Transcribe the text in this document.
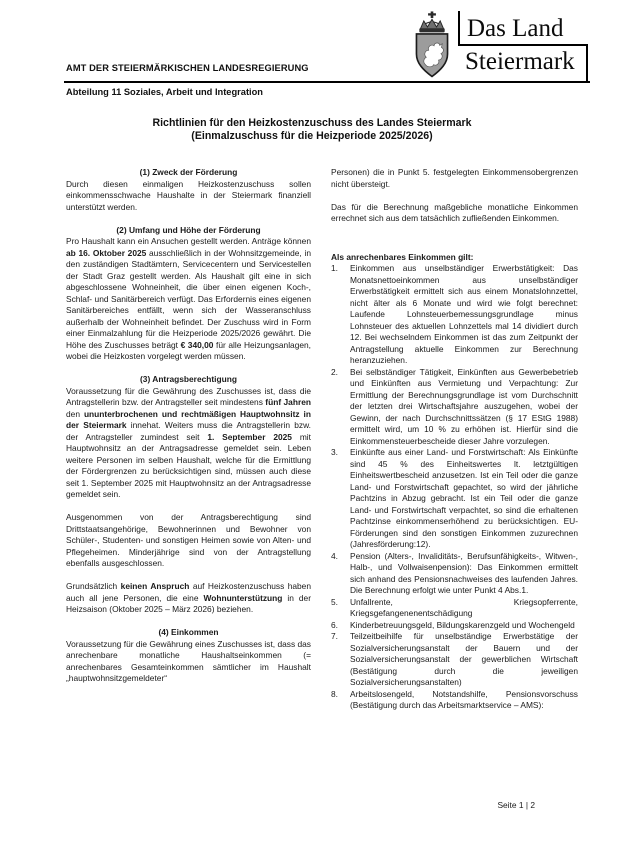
AMT DER STEIERMÄRKISCHEN LANDESREGIERUNG
Abteilung 11 Soziales, Arbeit und Integration
Das Land
Steiermark
Richtlinien für den Heizkostenzuschuss des Landes Steiermark
(Einmalzuschuss für die Heizperiode 2025/2026)
(1) Zweck der Förderung

Durch diesen einmaligen Heizkostenzuschuss sollen einkommensschwache Haushalte in der Steiermark finanziell unterstützt werden.

(2) Umfang und Höhe der Förderung

Pro Haushalt kann ein Ansuchen gestellt werden. Anträge können ab 16. Oktober 2025 ausschließlich in der Wohnsitzgemeinde, in den zuständigen Stadtämtern, Servicecentern und Servicestellen der Stadt Graz gestellt werden. Als Haushalt gilt eine in sich abgeschlossene Wohneinheit, die über einen eigenen Koch-, Schlaf- und Sanitärbereich verfügt. Das Erfordernis eines eigenen Sanitärbereiches entfällt, wenn sich der Wasseranschluss außerhalb der Wohneinheit befindet. Der Zuschuss wird in Form einer Einmalzahlung für die Heizperiode 2025/2026 gewährt. Die Höhe des Zuschusses beträgt € 340,00 für alle Heizungsanlagen, wobei die Heizkosten vorgelegt werden müssen.

(3) Antragsberechtigung

Voraussetzung für die Gewährung des Zuschusses ist, dass die Antragstellerin bzw. der Antragsteller seit mindestens fünf Jahren den ununterbrochenen und rechtmäßigen Hauptwohnsitz in der Steiermark innehat. Weiters muss die Antragstellerin bzw. der Antragsteller zumindest seit 1. September 2025 mit Hauptwohnsitz an der Antragsadresse gemeldet sein. Leben weitere Personen im selben Haushalt, welche für die Ermittlung der Fördergrenzen zu berücksichtigen sind, müssen auch diese seit 1. September 2025 mit Hauptwohnsitz an der Antragsadresse gemeldet sein.

Ausgenommen von der Antragsberechtigung sind Drittstaatsangehörige, Bewohnerinnen und Bewohner von Schüler-, Studenten- und sonstigen Heimen sowie von Alten- und Pflegeheimen. Minderjährige sind von der Antragstellung ebenfalls ausgeschlossen.

Grundsätzlich keinen Anspruch auf Heizkostenzuschuss haben auch all jene Personen, die eine Wohnunterstützung in der Heizsaison (Oktober 2025 – März 2026) beziehen.

(4) Einkommen

Voraussetzung für die Gewährung eines Zuschusses ist, dass das anrechenbare monatliche Haushaltseinkommen (= anrechenbares Gesamteinkommen sämtlicher im Haushalt „hauptwohnsitzgemeldeter“

Personen) die in Punkt 5. festgelegten Einkommensobergrenzen nicht übersteigt.

Das für die Berechnung maßgebliche monatliche Einkommen errechnet sich aus dem tatsächlich zufließenden Einkommen.

Als anrechenbares Einkommen gilt:
1.	Einkommen aus unselbständiger Erwerbstätigkeit: Das Monatsnettoeinkommen aus unselbständiger Erwerbstätigkeit ermittelt sich aus einem Monatslohnzettel, nicht älter als 6 Monate und wird wie folgt berechnet: Laufende Lohnsteuerbemessungsgrundlage minus Lohnsteuer des aktuellen Lohnzettels mal 14 dividiert durch 12. Bei wechselndem Einkommen ist das zum Zeitpunkt der Antragstellung aktuelle Einkommen zur Berechnung heranzuziehen.
2.	Bei selbständiger Tätigkeit, Einkünften aus Gewerbebetrieb und Einkünften aus Vermietung und Verpachtung: Zur Ermittlung der Berechnungsgrundlage ist vom Durchschnitt der letzten drei Wirtschaftsjahre auszugehen, wobei der Gewinn, der nach Durchschnittssätzen (§ 17 EStG 1988) ermittelt wird, um 10 % zu erhöhen ist. Hierfür sind die Einkommensteuerbescheide dieser Jahre vorzulegen.
3.	Einkünfte aus einer Land- und Forstwirtschaft: Als Einkünfte sind 45 % des Einheitswertes lt. letztgültigen Einheitswertbescheid anzusetzen. Ist ein Teil oder die ganze Land- und Forstwirtschaft gepachtet, so wird der jährliche Pachtzins in Abzug gebracht. Ist ein Teil oder die ganze Land- und Forstwirtschaft verpachtet, so sind die erhaltenen Pachtzinse einkommenserhöhend zu berücksichtigen. EU-Förderungen sind den sonstigen Einkommen zuzurechnen (Jahresförderung:12).
4.	Pension (Alters-, Invaliditäts-, Berufsunfähigkeits-, Witwen-, Halb-, und Vollwaisenpension): Das Einkommen ermittelt sich anhand des Pensionsnachweises des laufenden Jahres. Die Berechnung erfolgt wie unter Punkt 4 Abs.1.
5.	Unfallrente, Kriegsopferrente, Kriegsgefangenenentschädigung
6.	Kinderbetreuungsgeld, Bildungskarenzgeld und Wochengeld
7.	Teilzeitbeihilfe für unselbständige Erwerbstätige der Sozialversicherungsanstalt der Bauern und der Sozialversicherungsanstalt der gewerblichen Wirtschaft (Bestätigung durch die jeweiligen Sozialversicherungsanstalten)
8.	Arbeitslosengeld, Notstandshilfe, Pensionsvorschuss (Bestätigung durch das Arbeitsmarktservice – AMS):
Seite 1 | 2
